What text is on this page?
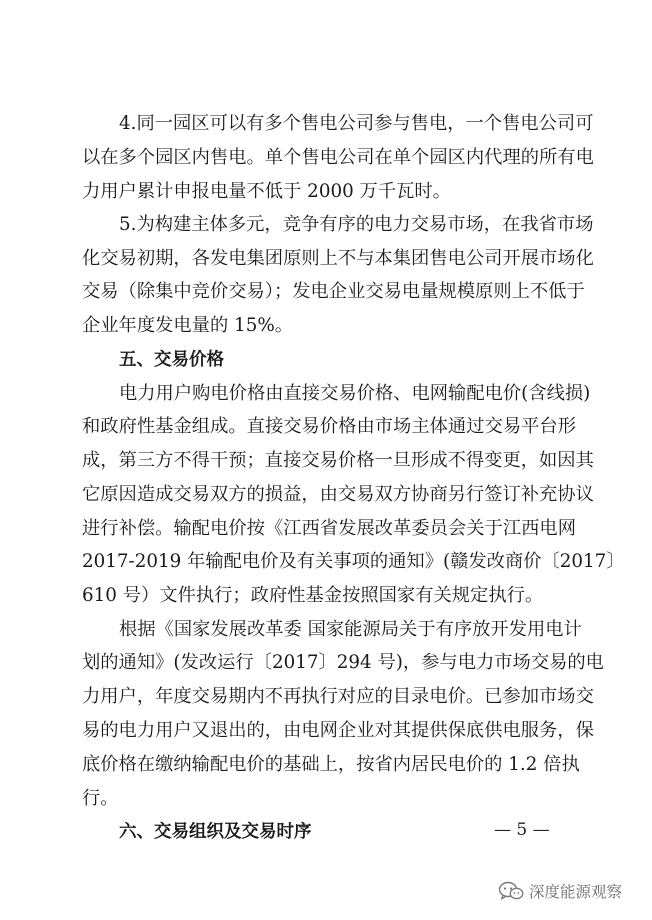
4.同一园区可以有多个售电公司参与售电，一个售电公司可
以在多个园区内售电。单个售电公司在单个园区内代理的所有电
力用户累计申报电量不低于 2000 万千瓦时。
5.为构建主体多元，竞争有序的电力交易市场，在我省市场
化交易初期，各发电集团原则上不与本集团售电公司开展市场化
交易（除集中竞价交易）；发电企业交易电量规模原则上不低于
企业年度发电量的 15%。
五、交易价格
电力用户购电价格由直接交易价格、电网输配电价(含线损)
和政府性基金组成。直接交易价格由市场主体通过交易平台形
成，第三方不得干预；直接交易价格一旦形成不得变更，如因其
它原因造成交易双方的损益，由交易双方协商另行签订补充协议
进行补偿。输配电价按《江西省发展改革委员会关于江西电网
2017-2019 年输配电价及有关事项的通知》(赣发改商价〔2017〕
610 号）文件执行；政府性基金按照国家有关规定执行。
根据《国家发展改革委 国家能源局关于有序放开发用电计
划的通知》(发改运行〔2017〕294 号)，参与电力市场交易的电
力用户，年度交易期内不再执行对应的目录电价。已参加市场交
易的电力用户又退出的，由电网企业对其提供保底供电服务，保
底价格在缴纳输配电价的基础上，按省内居民电价的 1.2 倍执
行。
六、交易组织及交易时序	— 5 —
深度能源观察
